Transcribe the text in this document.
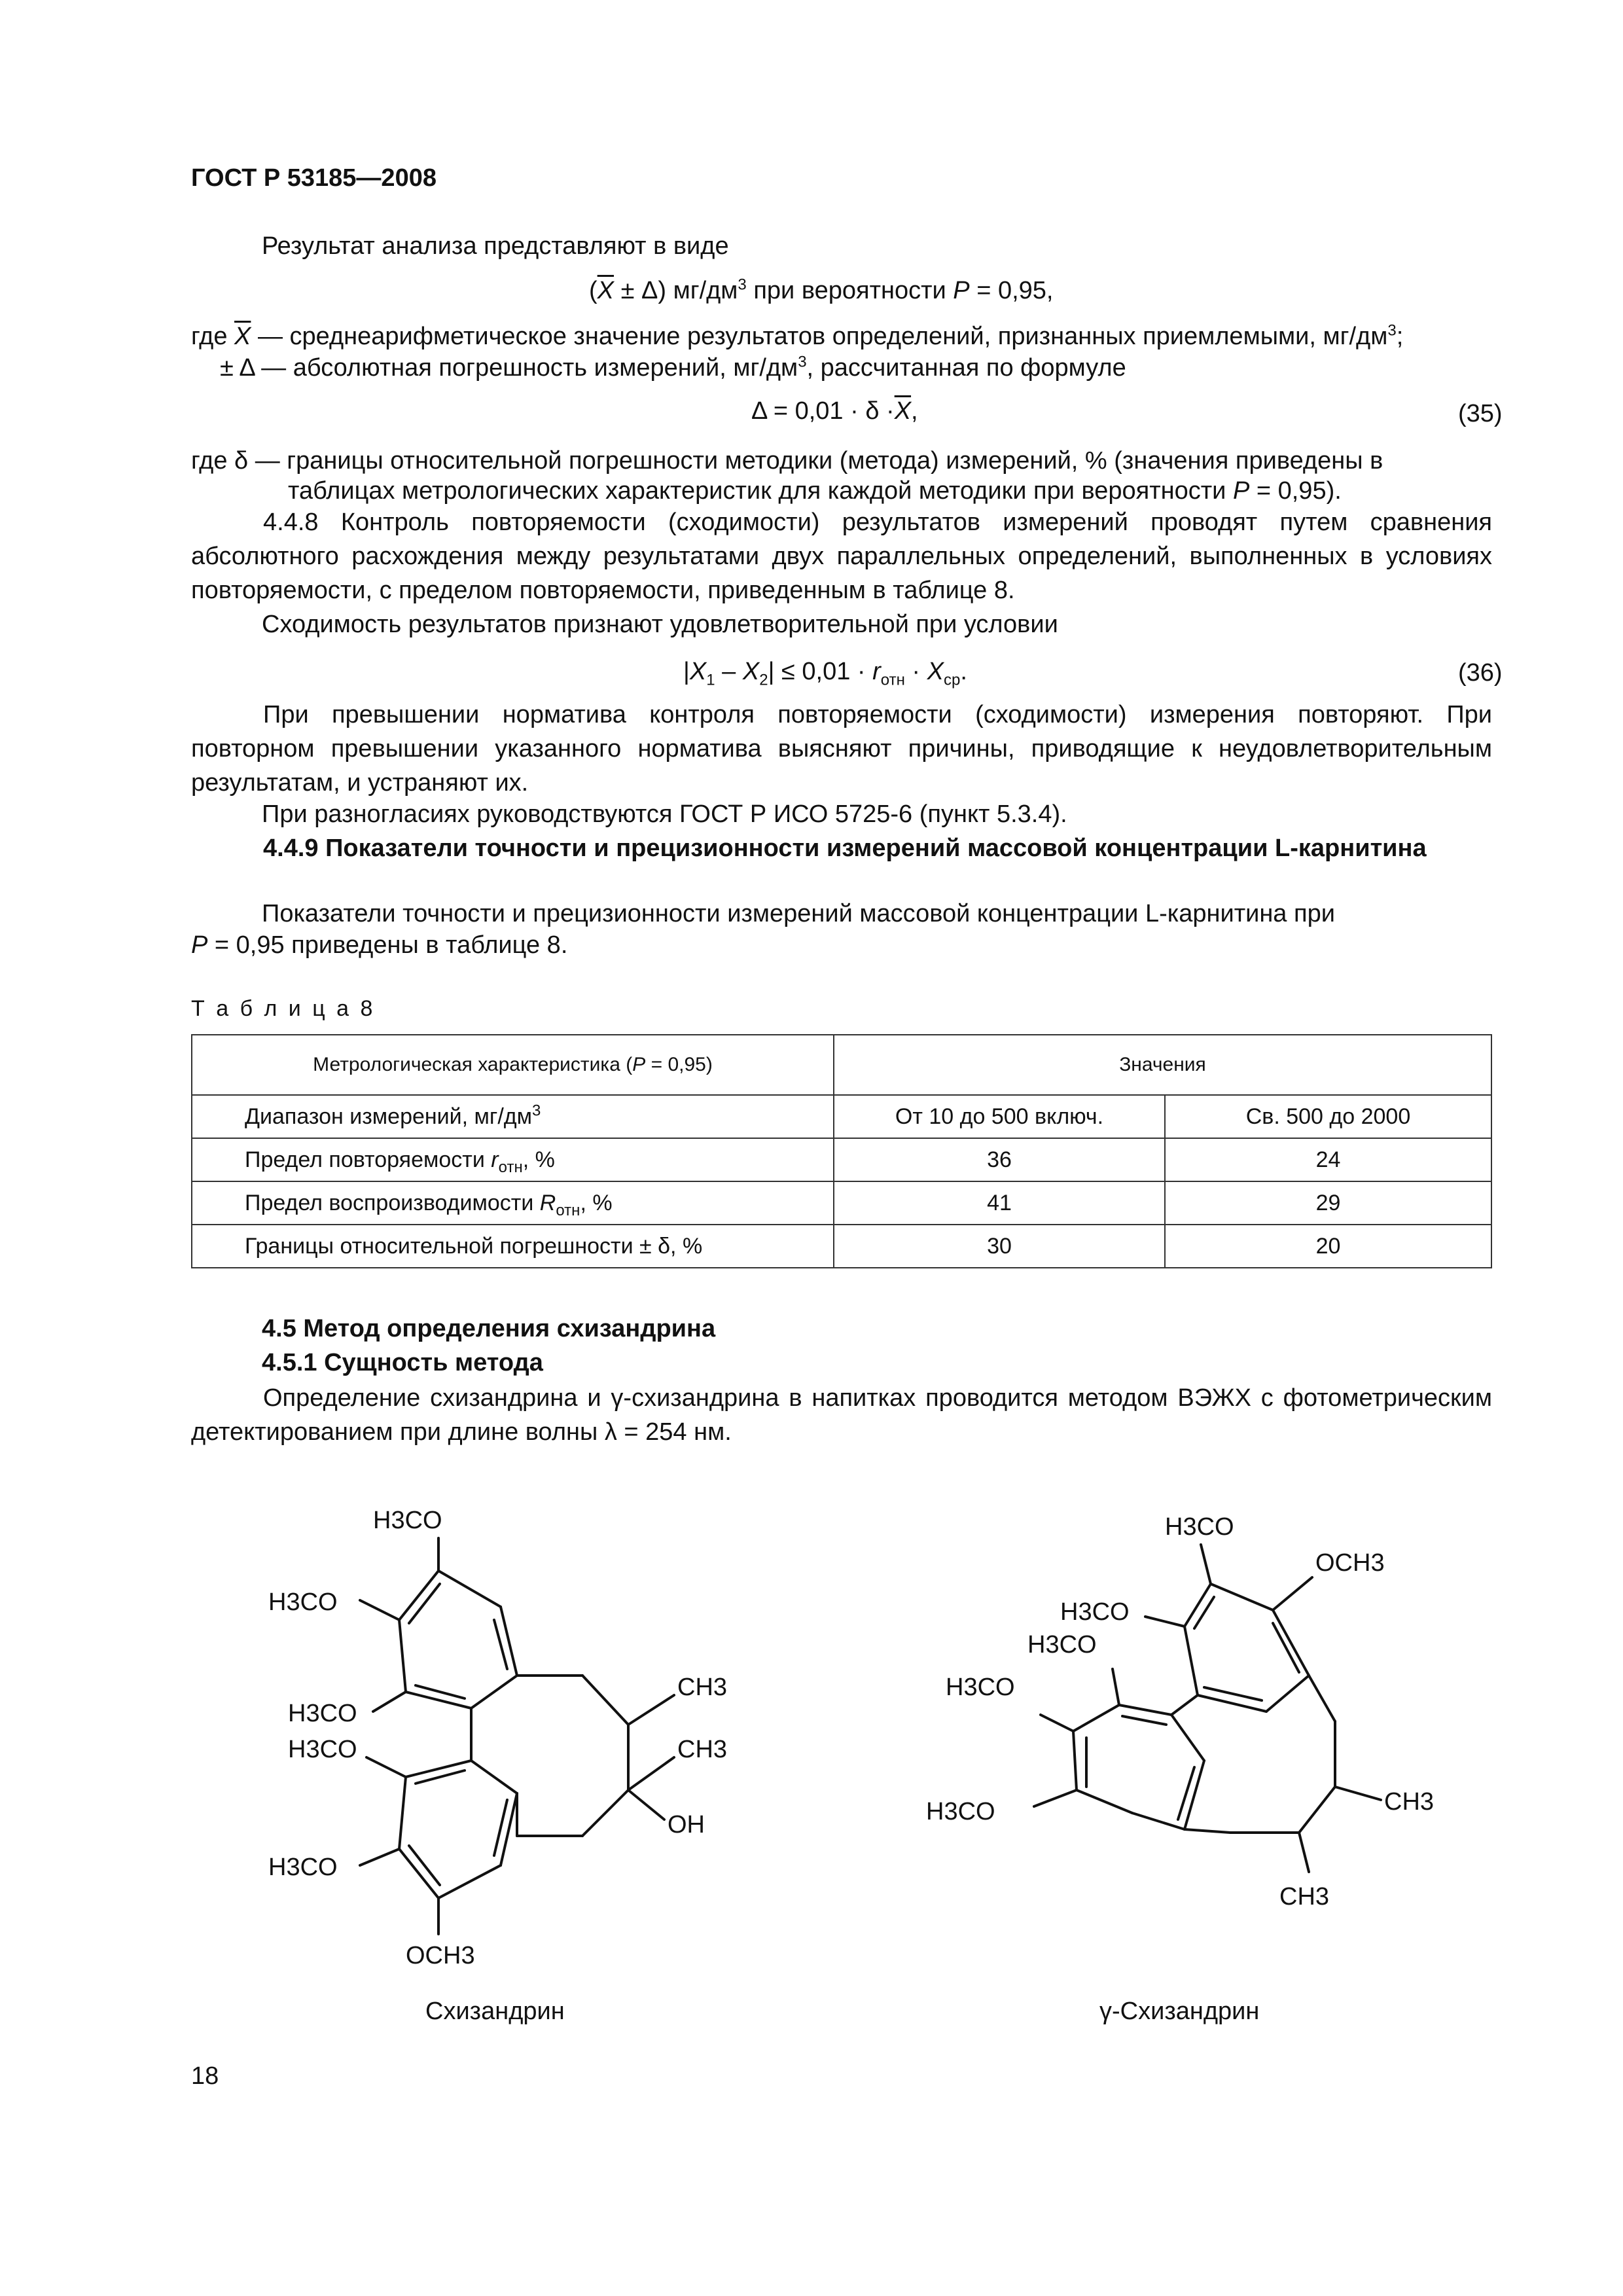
ГОСТ Р 53185—2008
Результат анализа представляют в виде
$(\overline{X} \pm \Delta)$ $мг/дм^3$ при вероятности P = 0,95,
где $\overline{X}$ — среднеарифметическое значение результатов определений, признанных приемлемыми, $мг/дм^3$;
± Δ — абсолютная погрешность измерений, $мг/дм^3$, рассчитанная по формуле
$\Delta = 0,01 \cdot \delta \cdot\overline{X}$,	(35)
где δ — границы относительной погрешности методики (метода) измерений, % (значения приведены в
таблицах метрологических характеристик для каждой методики при вероятности P = 0,95).
4.4.8 Контроль повторяемости (сходимости) результатов измерений проводят путем сравнения абсолютного расхождения между результатами двух параллельных определений, выполненных в условиях повторяемости, с пределом повторяемости, приведенным в таблице 8.
Сходимость результатов признают удовлетворительной при условии
$|X_1 - X_2| \le 0,01 \cdot r_{отн} \cdot X_{ср}$.	(36)
При превышении норматива контроля повторяемости (сходимости) измерения повторяют. При повторном превышении указанного норматива выясняют причины, приводящие к неудовлетворительным результатам, и устраняют их.
При разногласиях руководствуются ГОСТ Р ИСО 5725-6 (пункт 5.3.4).
4.4.9 Показатели точности и прецизионности измерений массовой концентрации L-карнитина
Показатели точности и прецизионности измерений массовой концентрации L-карнитина при
P = 0,95 приведены в таблице 8.
Т а б л и ц а 8
Метрологическая характеристика (P = 0,95)	Значения	
Диапазон измерений, $мг/дм^3$	От 10 до 500 включ.	Св. 500 до 2000
Предел повторяемости $r_{отн}$, %	36	24
Предел воспроизводимости $R_{отн}$, %	41	29
Границы относительной погрешности ± δ, %	30	20
4.5 Метод определения схизандрина
4.5.1 Сущность метода
Определение схизандрина и γ-схизандрина в напитках проводится методом ВЭЖХ с фотометрическим детектированием при длине волны λ = 254 нм.
H3CO
H3CO
H3CO
H3CO
H3CO
OCH3
CH3
CH3
OH
Схизандрин
H3CO
OCH3
H3CO
H3CO
H3CO
H3CO	CH3
CH3
γ-Схизандрин
18
